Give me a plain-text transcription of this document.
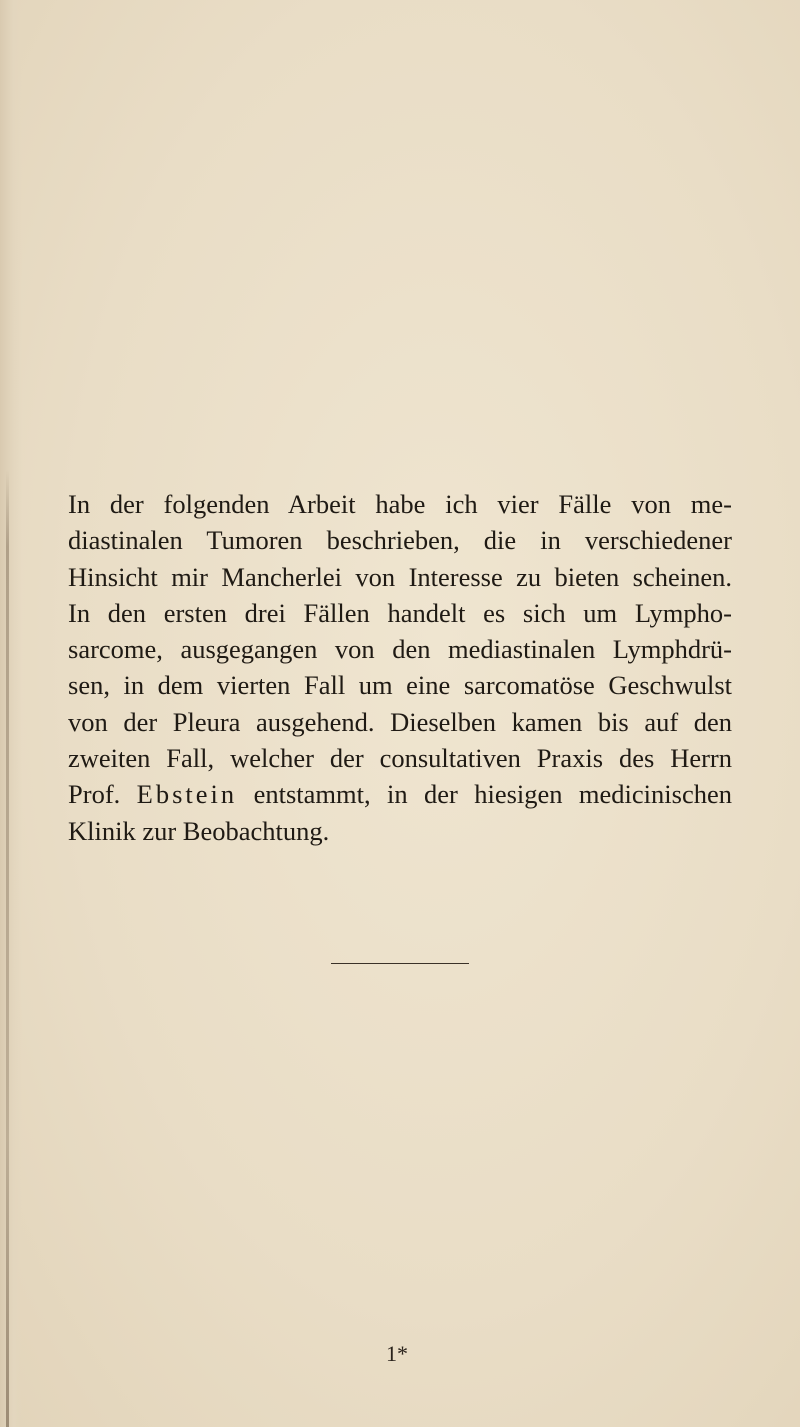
In der folgenden Arbeit habe ich vier Fälle von me-
diastinalen Tumoren beschrieben, die in verschiedener
Hinsicht mir Mancherlei von Interesse zu bieten scheinen.
In den ersten drei Fällen handelt es sich um Lympho-
sarcome, ausgegangen von den mediastinalen Lymphdrü-
sen, in dem vierten Fall um eine sarcomatöse Geschwulst
von der Pleura ausgehend. Dieselben kamen bis auf den
zweiten Fall, welcher der consultativen Praxis des Herrn
Prof. Ebstein entstammt, in der hiesigen medicinischen
Klinik zur Beobachtung.
1*
